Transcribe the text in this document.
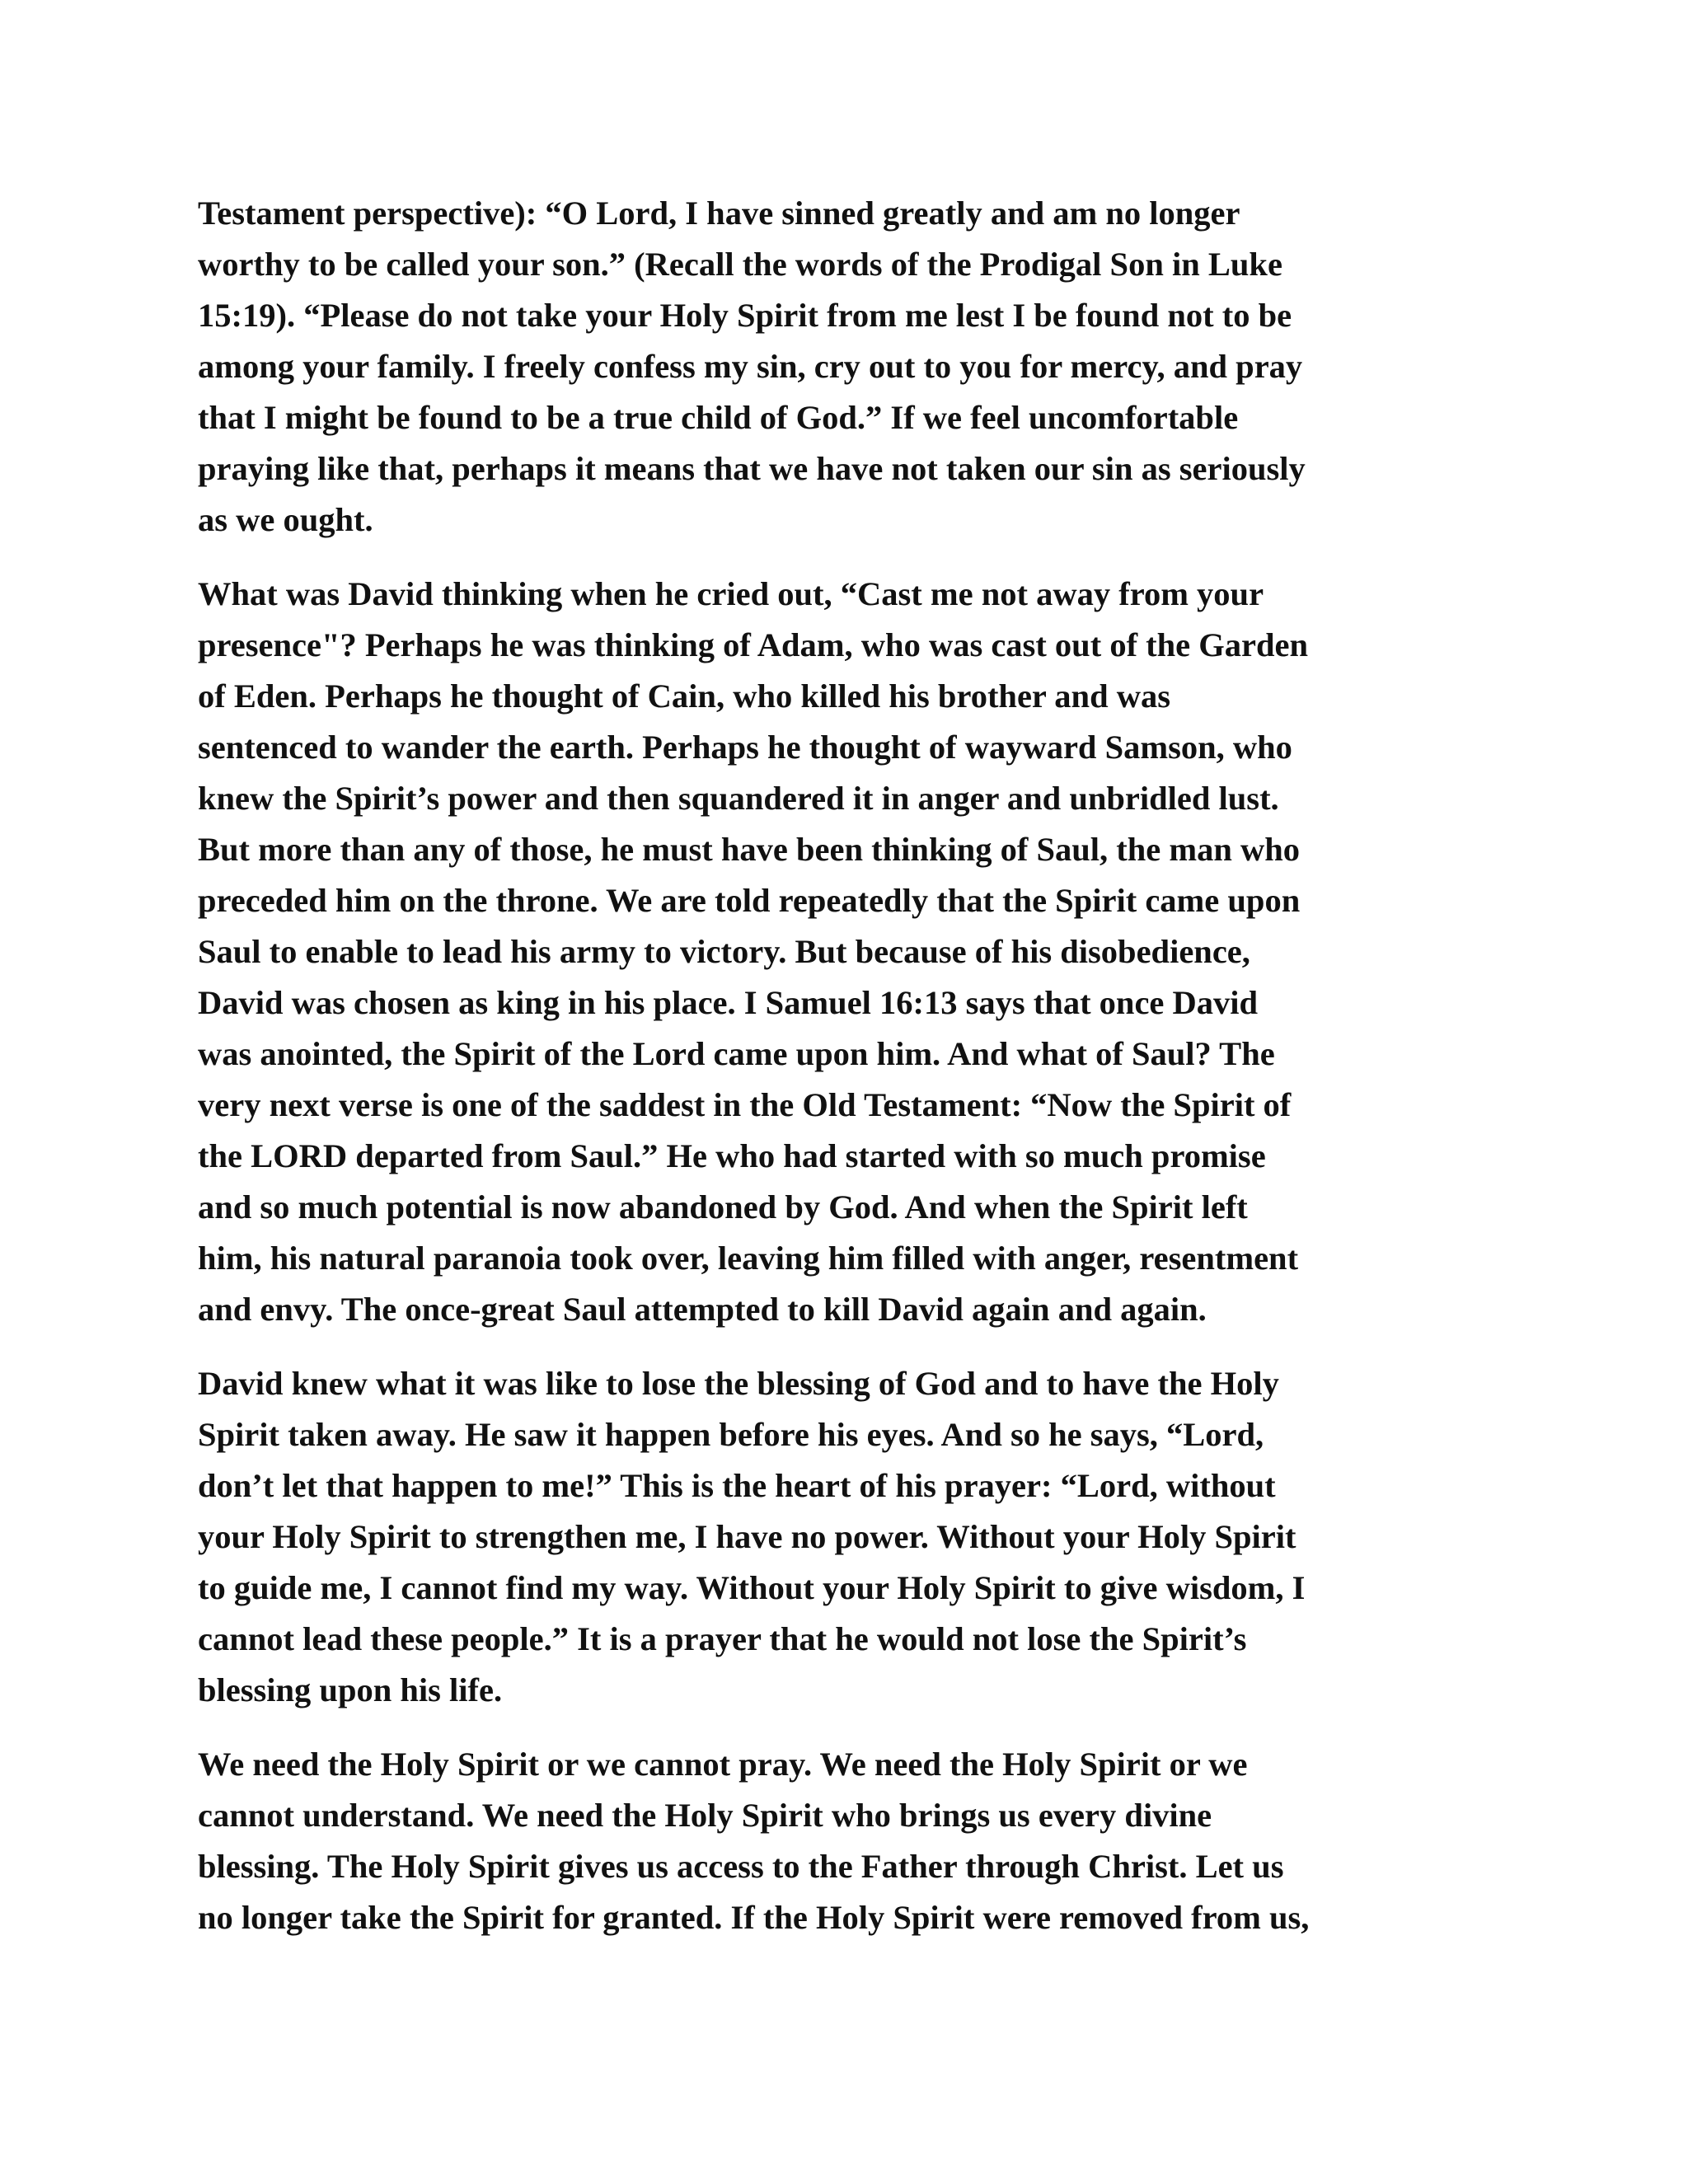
Testament perspective): “O Lord, I have sinned greatly and am no longer
worthy to be called your son.” (Recall the words of the Prodigal Son in Luke
15:19). “Please do not take your Holy Spirit from me lest I be found not to be
among your family. I freely confess my sin, cry out to you for mercy, and pray
that I might be found to be a true child of God.” If we feel uncomfortable
praying like that, perhaps it means that we have not taken our sin as seriously
as we ought.

What was David thinking when he cried out, “Cast me not away from your
presence"? Perhaps he was thinking of Adam, who was cast out of the Garden
of Eden. Perhaps he thought of Cain, who killed his brother and was
sentenced to wander the earth. Perhaps he thought of wayward Samson, who
knew the Spirit’s power and then squandered it in anger and unbridled lust.
But more than any of those, he must have been thinking of Saul, the man who
preceded him on the throne. We are told repeatedly that the Spirit came upon
Saul to enable to lead his army to victory. But because of his disobedience,
David was chosen as king in his place. I Samuel 16:13 says that once David
was anointed, the Spirit of the Lord came upon him. And what of Saul? The
very next verse is one of the saddest in the Old Testament: “Now the Spirit of
the LORD departed from Saul.” He who had started with so much promise
and so much potential is now abandoned by God. And when the Spirit left
him, his natural paranoia took over, leaving him filled with anger, resentment
and envy. The once-great Saul attempted to kill David again and again.

David knew what it was like to lose the blessing of God and to have the Holy
Spirit taken away. He saw it happen before his eyes. And so he says, “Lord,
don’t let that happen to me!” This is the heart of his prayer: “Lord, without
your Holy Spirit to strengthen me, I have no power. Without your Holy Spirit
to guide me, I cannot find my way. Without your Holy Spirit to give wisdom, I
cannot lead these people.” It is a prayer that he would not lose the Spirit’s
blessing upon his life.

We need the Holy Spirit or we cannot pray. We need the Holy Spirit or we
cannot understand. We need the Holy Spirit who brings us every divine
blessing. The Holy Spirit gives us access to the Father through Christ. Let us
no longer take the Spirit for granted. If the Holy Spirit were removed from us,
